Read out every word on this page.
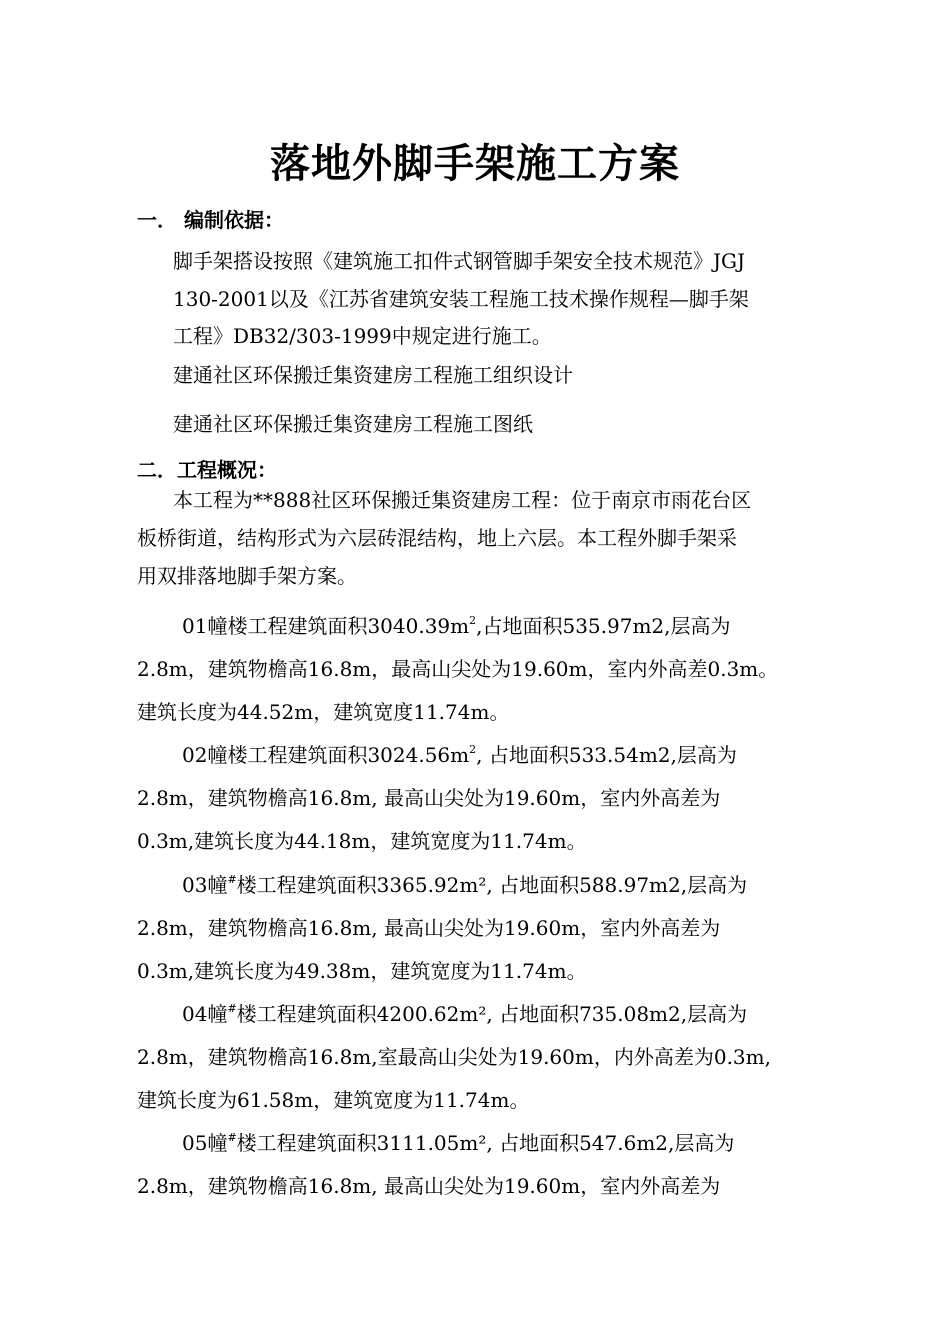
落地外脚手架施工方案
一． 编制依据：
脚手架搭设按照《建筑施工扣件式钢管脚手架安全技术规范》JGJ
130-2001以及《江苏省建筑安装工程施工技术操作规程—脚手架
工程》DB32/303-1999中规定进行施工。
建通社区环保搬迁集资建房工程施工组织设计
建通社区环保搬迁集资建房工程施工图纸
二．工程概况：
本工程为**888社区环保搬迁集资建房工程：位于南京市雨花台区
板桥街道，结构形式为六层砖混结构，地上六层。本工程外脚手架采
用双排落地脚手架方案。
01幢楼工程建筑面积$3040.39m^2$,占地面积535.97m2,层高为
2.8m，建筑物檐高16.8m，最高山尖处为19.60m，室内外高差0.3m。
建筑长度为44.52m，建筑宽度11.74m。
02幢楼工程建筑面积$3024.56m^2$, 占地面积533.54m2,层高为
2.8m，建筑物檐高16.8m, 最高山尖处为19.60m，室内外高差为
0.3m,建筑长度为44.18m，建筑宽度为11.74m。
03幢#楼工程建筑面积3365.92m², 占地面积588.97m2,层高为
2.8m，建筑物檐高16.8m, 最高山尖处为19.60m，室内外高差为
0.3m,建筑长度为49.38m，建筑宽度为11.74m。
04幢#楼工程建筑面积4200.62m², 占地面积735.08m2,层高为
2.8m，建筑物檐高16.8m,室最高山尖处为19.60m，内外高差为0.3m,
建筑长度为61.58m，建筑宽度为11.74m。
05幢#楼工程建筑面积3111.05m², 占地面积547.6m2,层高为
2.8m，建筑物檐高16.8m, 最高山尖处为19.60m，室内外高差为
